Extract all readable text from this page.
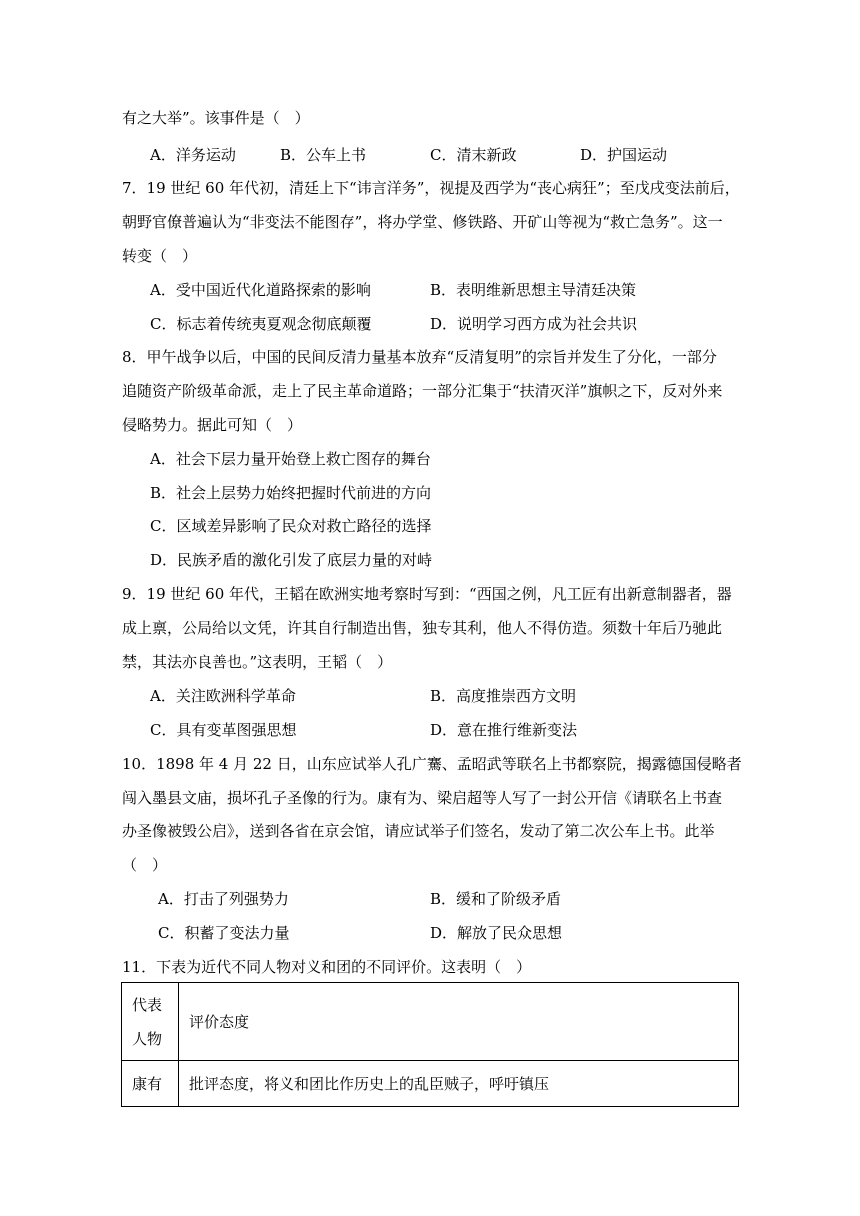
有之大举”。该事件是（　）
A．洋务运动	B．公车上书	C．清末新政	D．护国运动
7．19 世纪 60 年代初，清廷上下“讳言洋务”，视提及西学为“丧心病狂”；至戊戌变法前后，
朝野官僚普遍认为“非变法不能图存”，将办学堂、修铁路、开矿山等视为“救亡急务”。这一
转变（　）
A．受中国近代化道路探索的影响	B．表明维新思想主导清廷决策
C．标志着传统夷夏观念彻底颠覆	D．说明学习西方成为社会共识
8．甲午战争以后，中国的民间反清力量基本放弃“反清复明”的宗旨并发生了分化，一部分
追随资产阶级革命派，走上了民主革命道路；一部分汇集于“扶清灭洋”旗帜之下，反对外来
侵略势力。据此可知（　）
A．社会下层力量开始登上救亡图存的舞台
B．社会上层势力始终把握时代前进的方向
C．区域差异影响了民众对救亡路径的选择
D．民族矛盾的激化引发了底层力量的对峙
9．19 世纪 60 年代，王韬在欧洲实地考察时写到：“西国之例，凡工匠有出新意制器者，器
成上禀，公局给以文凭，许其自行制造出售，独专其利，他人不得仿造。须数十年后乃驰此
禁，其法亦良善也。”这表明，王韬（　）
A．关注欧洲科学革命	B．高度推崇西方文明
C．具有变革图强思想	D．意在推行维新变法
10．1898 年 4 月 22 日，山东应试举人孔广騫、孟昭武等联名上书都察院，揭露德国侵略者
闯入墨县文庙，损坏孔子圣像的行为。康有为、梁启超等人写了一封公开信《请联名上书查
办圣像被毁公启》，送到各省在京会馆，请应试举子们签名，发动了第二次公车上书。此举
（　）
A．打击了列强势力	B．缓和了阶级矛盾
C．积蓄了变法力量	D．解放了民众思想
11．下表为近代不同人物对义和团的不同评价。这表明（　）
代表
人物	评价态度
康有	批评态度，将义和团比作历史上的乱臣贼子，呼吁镇压
